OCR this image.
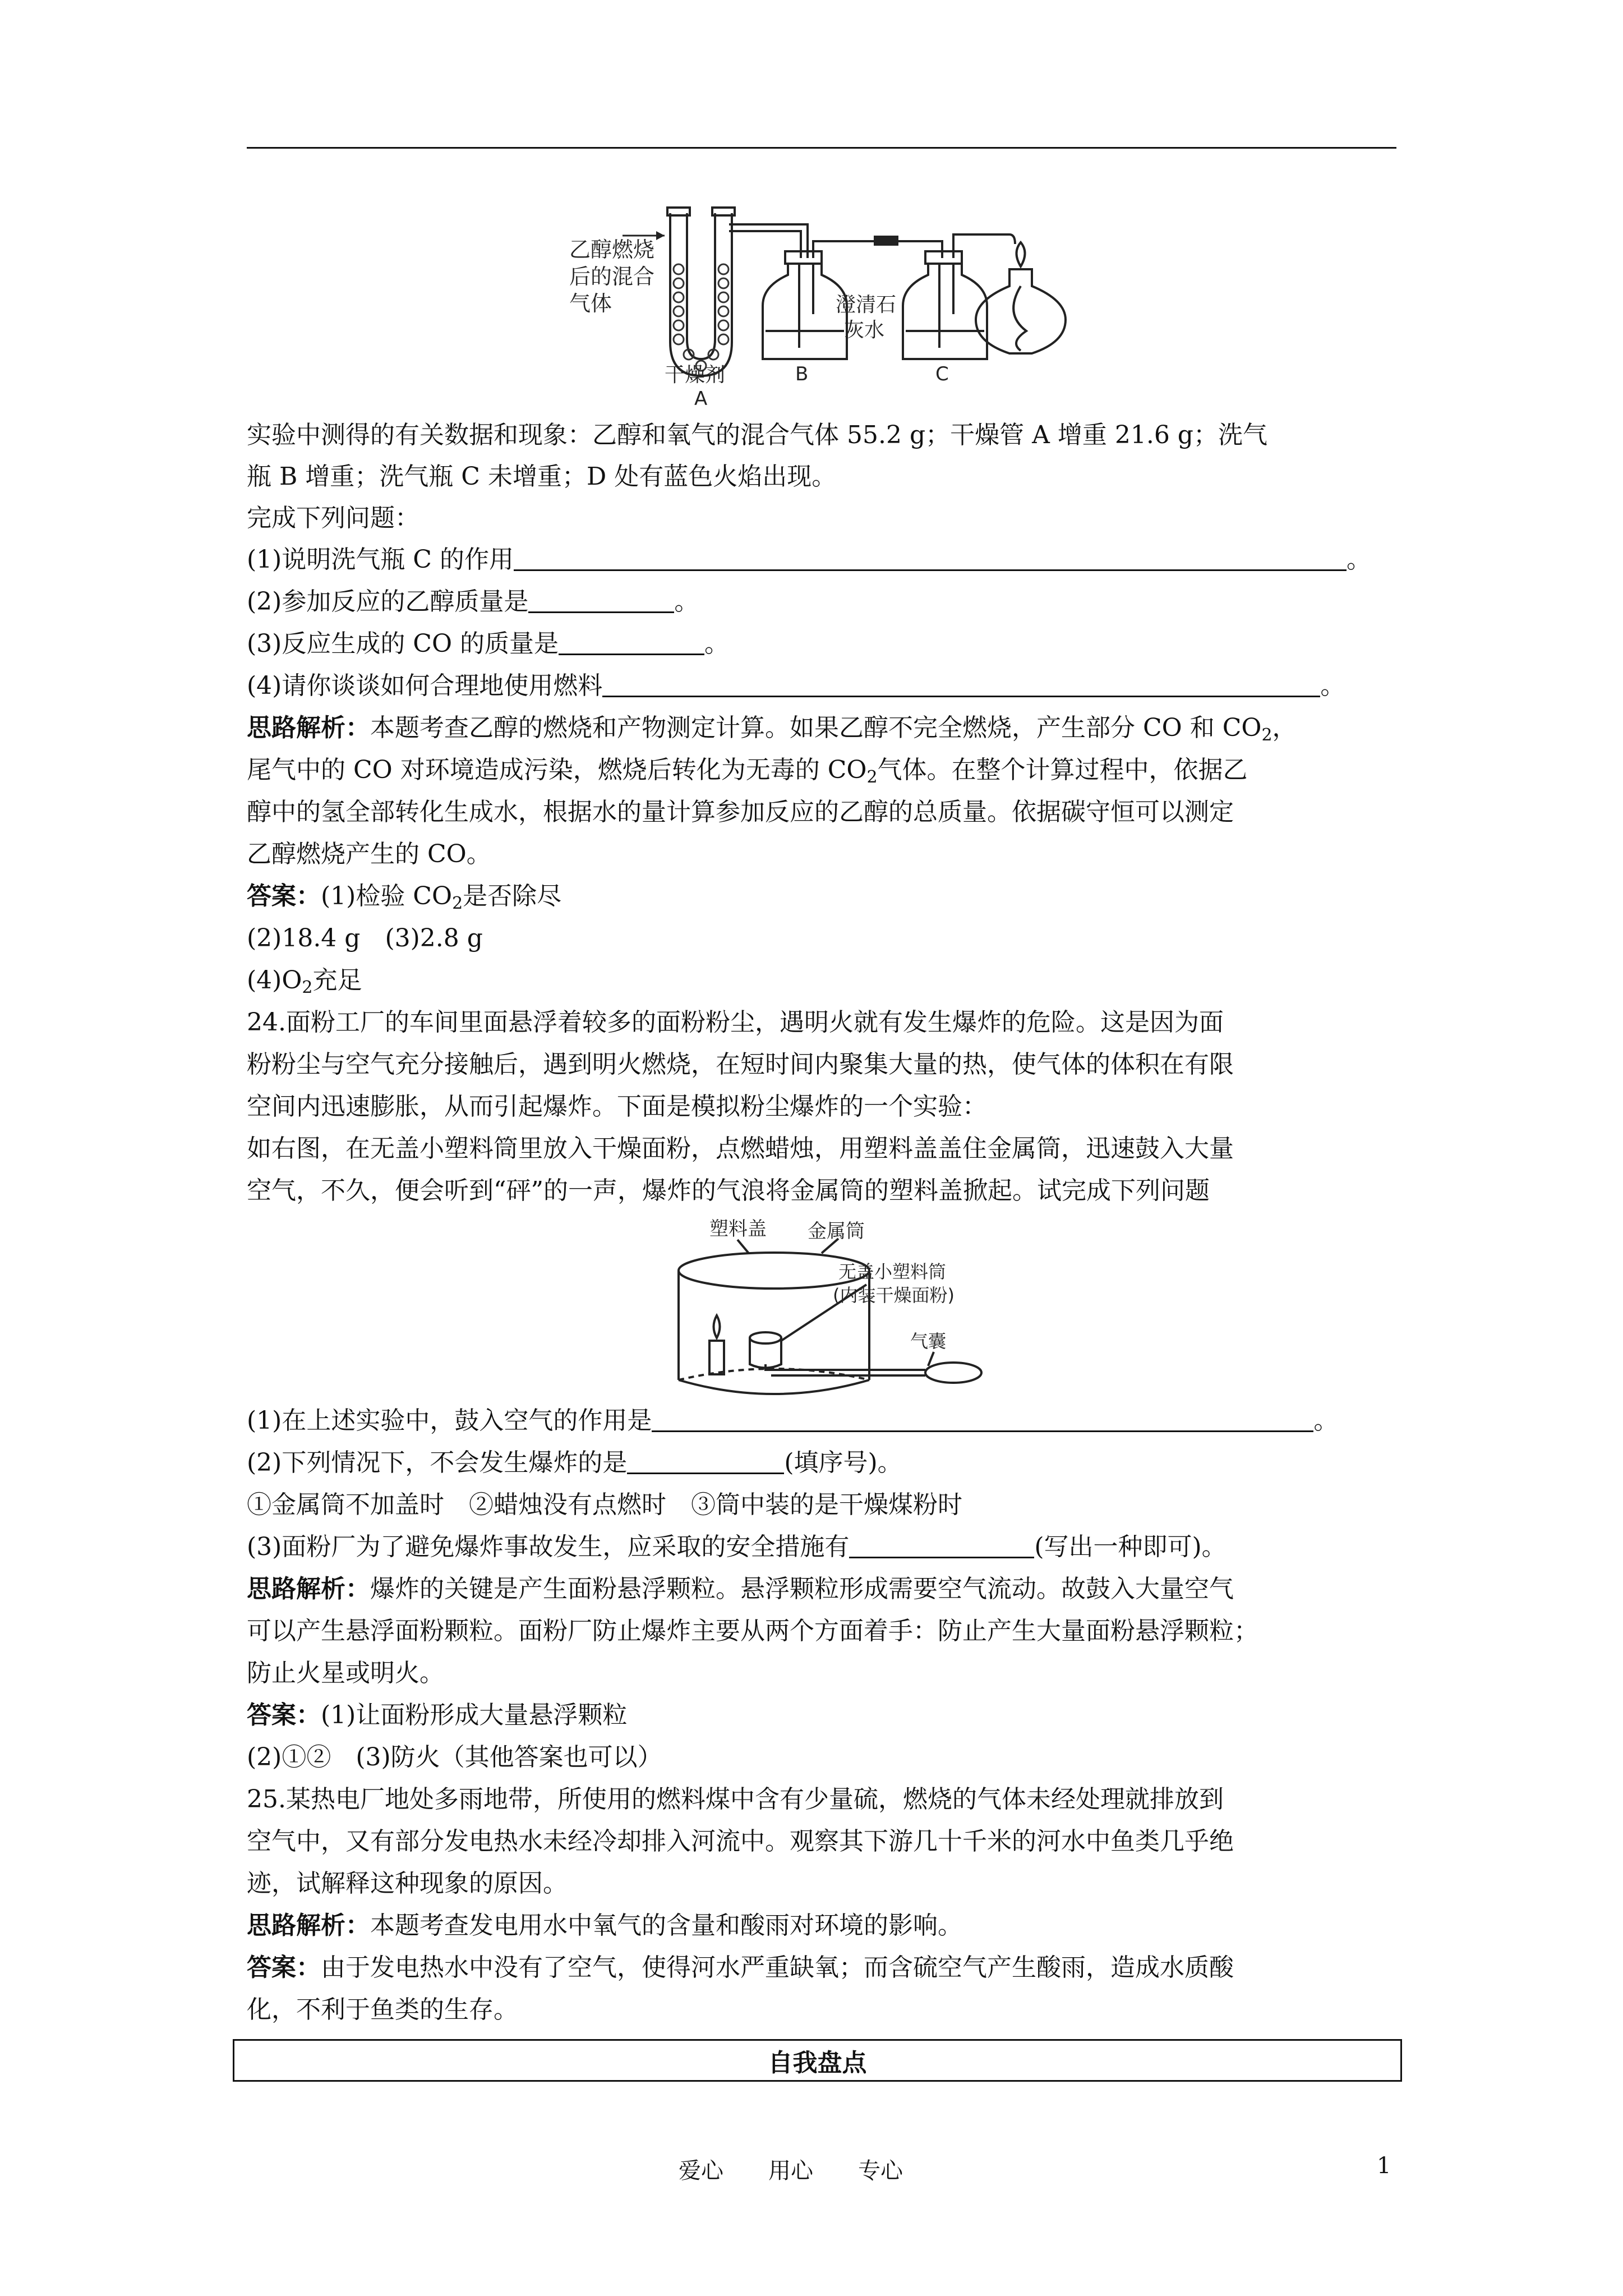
乙醇燃烧
后的混合
气体
干燥剂
A
B	C
澄清石
灰水
实验中测得的有关数据和现象：乙醇和氧气的混合气体 55.2 g；干燥管 A 增重 21.6 g；洗气
瓶 B 增重；洗气瓶 C 未增重；D 处有蓝色火焰出现。
完成下列问题：
(1)说明洗气瓶 C 的作用	。
(2)参加反应的乙醇质量是	。
(3)反应生成的 CO 的质量是	。
(4)请你谈谈如何合理地使用燃料	。
思路解析：本题考查乙醇的燃烧和产物测定计算。如果乙醇不完全燃烧，产生部分 CO 和 $CO_2$，
尾气中的 CO 对环境造成污染，燃烧后转化为无毒的 $CO_2$气体。在整个计算过程中，依据乙
醇中的氢全部转化生成水，根据水的量计算参加反应的乙醇的总质量。依据碳守恒可以测定
乙醇燃烧产生的 CO。
答案：(1)检验 $CO_2$是否除尽
(2)18.4 g　(3)2.8 g
$(4)O_2$充足
24.面粉工厂的车间里面悬浮着较多的面粉粉尘，遇明火就有发生爆炸的危险。这是因为面
粉粉尘与空气充分接触后，遇到明火燃烧，在短时间内聚集大量的热，使气体的体积在有限
空间内迅速膨胀，从而引起爆炸。下面是模拟粉尘爆炸的一个实验：
如右图，在无盖小塑料筒里放入干燥面粉，点燃蜡烛，用塑料盖盖住金属筒，迅速鼓入大量
空气，不久，便会听到“砰”的一声，爆炸的气浪将金属筒的塑料盖掀起。试完成下列问题
塑料盖 金属筒
无盖小塑料筒
(内装干燥面粉)
气囊
(1)在上述实验中，鼓入空气的作用是	。
(2)下列情况下，不会发生爆炸的是	(填序号)。
①金属筒不加盖时　②蜡烛没有点燃时　③筒中装的是干燥煤粉时
(3)面粉厂为了避免爆炸事故发生，应采取的安全措施有	(写出一种即可)。
思路解析：爆炸的关键是产生面粉悬浮颗粒。悬浮颗粒形成需要空气流动。故鼓入大量空气
可以产生悬浮面粉颗粒。面粉厂防止爆炸主要从两个方面着手：防止产生大量面粉悬浮颗粒；
防止火星或明火。
答案：(1)让面粉形成大量悬浮颗粒
(2)①②　(3)防火（其他答案也可以）
25.某热电厂地处多雨地带，所使用的燃料煤中含有少量硫，燃烧的气体未经处理就排放到
空气中，又有部分发电热水未经冷却排入河流中。观察其下游几十千米的河水中鱼类几乎绝
迹，试解释这种现象的原因。
思路解析：本题考查发电用水中氧气的含量和酸雨对环境的影响。
答案：由于发电热水中没有了空气，使得河水严重缺氧；而含硫空气产生酸雨，造成水质酸
化，不利于鱼类的生存。
自我盘点
爱心　　用心　　专心	1
